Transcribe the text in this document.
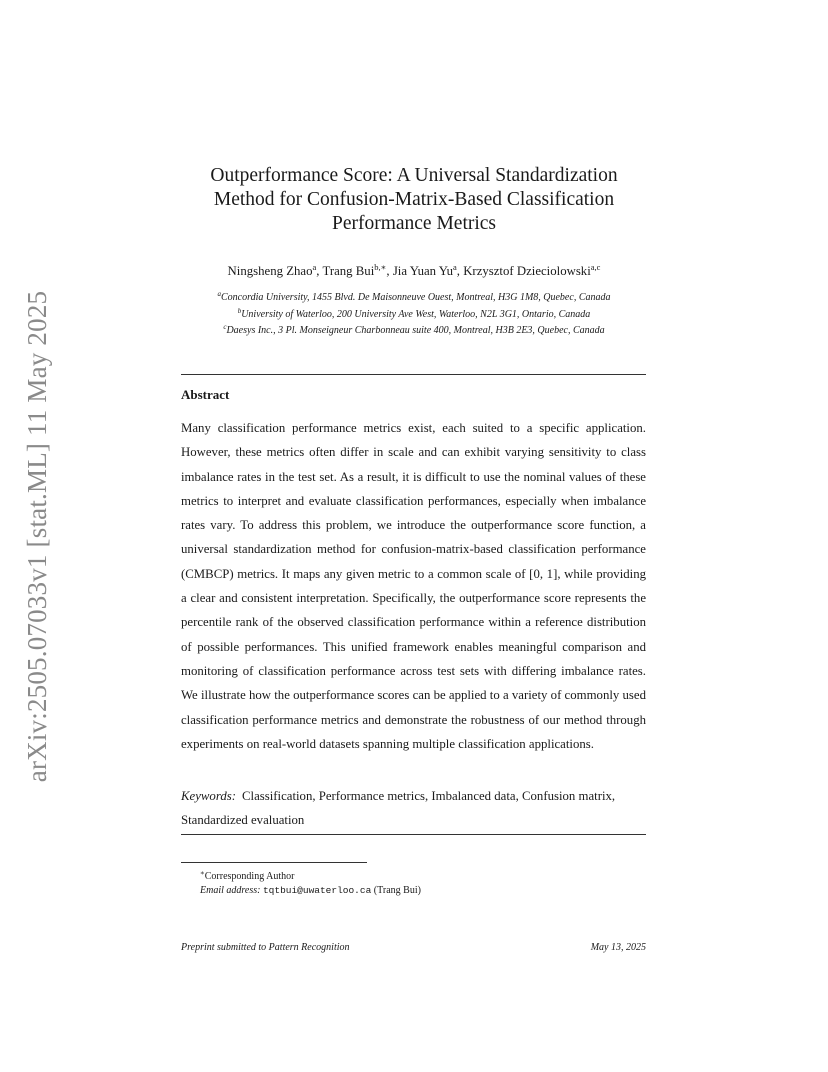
arXiv:2505.07033v1 [stat.ML] 11 May 2025
Outperformance Score: A Universal Standardization
Method for Confusion-Matrix-Based Classification
Performance Metrics
Ningsheng Zhao$^a$, Trang Bui$^{b,∗}$, Jia Yuan Yu$^a$, Krzysztof Dzieciolowski$^{a,c}$
$^a$Concordia University, 1455 Blvd. De Maisonneuve Ouest, Montreal, H3G 1M8, Quebec, Canada
$^b$University of Waterloo, 200 University Ave West, Waterloo, N2L 3G1, Ontario, Canada
$^c$Daesys Inc., 3 Pl. Monseigneur Charbonneau suite 400, Montreal, H3B 2E3, Quebec, Canada
Abstract
Many classification performance metrics exist, each suited to a specific application. However, these metrics often differ in scale and can exhibit varying sensitivity to class imbalance rates in the test set. As a result, it is difficult to use the nominal values of these metrics to interpret and evaluate classification performances, especially when imbalance rates vary. To address this problem, we introduce the outperformance score function, a universal standardization method for confusion-matrix-based classification performance (CMBCP) metrics. It maps any given metric to a common scale of [0, 1], while providing a clear and consistent interpretation. Specifically, the outperformance score represents the percentile rank of the observed classification performance within a reference distribution of possible performances. This unified framework enables meaningful comparison and monitoring of classification performance across test sets with differing imbalance rates. We illustrate how the outperformance scores can be applied to a variety of commonly used classification performance metrics and demonstrate the robustness of our method through experiments on real-world datasets spanning multiple classification applications.
Keywords: Classification, Performance metrics, Imbalanced data, Confusion matrix, Standardized evaluation
∗Corresponding Author
Email address: tqtbui@uwaterloo.ca (Trang Bui)
Preprint submitted to Pattern Recognition	May 13, 2025
